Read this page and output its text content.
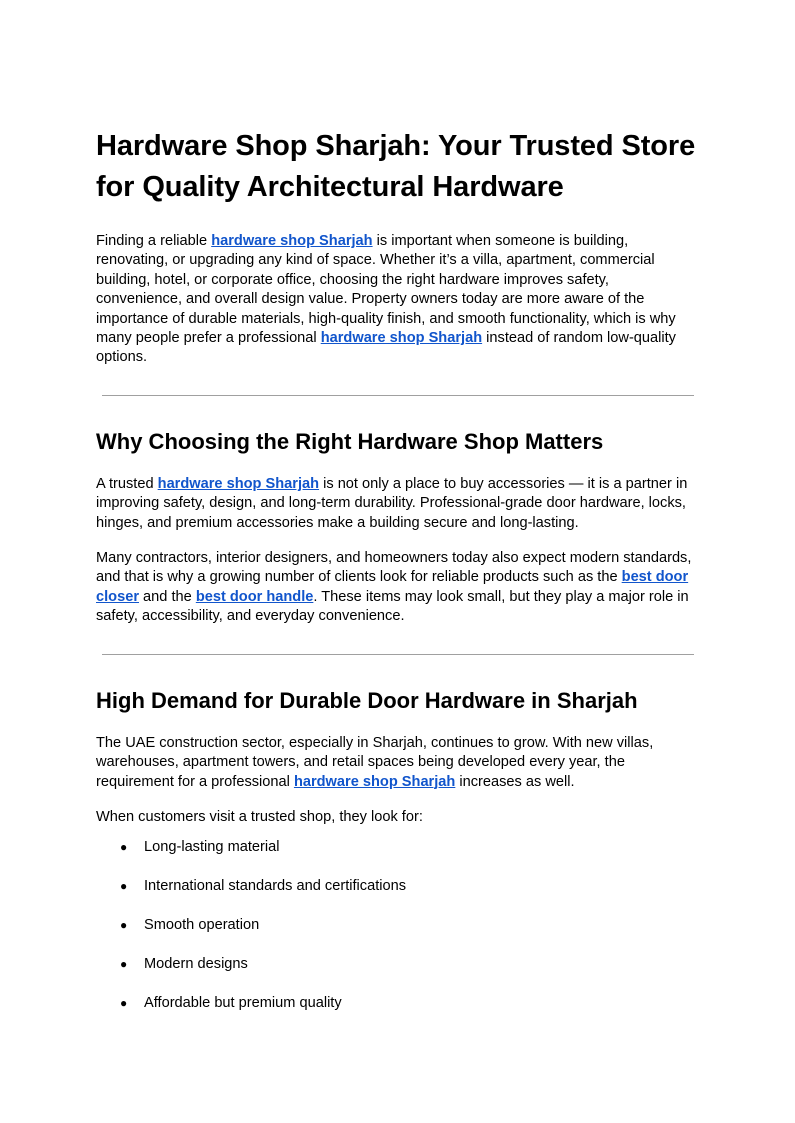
Hardware Shop Sharjah: Your Trusted Store for Quality Architectural Hardware

Finding a reliable hardware shop Sharjah is important when someone is building, renovating, or upgrading any kind of space. Whether it’s a villa, apartment, commercial building, hotel, or corporate office, choosing the right hardware improves safety, convenience, and overall design value. Property owners today are more aware of the importance of durable materials, high-quality finish, and smooth functionality, which is why many people prefer a professional hardware shop Sharjah instead of random low-quality options.

Why Choosing the Right Hardware Shop Matters

A trusted hardware shop Sharjah is not only a place to buy accessories — it is a partner in improving safety, design, and long-term durability. Professional-grade door hardware, locks, hinges, and premium accessories make a building secure and long-lasting.

Many contractors, interior designers, and homeowners today also expect modern standards, and that is why a growing number of clients look for reliable products such as the best door closer and the best door handle. These items may look small, but they play a major role in safety, accessibility, and everyday convenience.

High Demand for Durable Door Hardware in Sharjah

The UAE construction sector, especially in Sharjah, continues to grow. With new villas, warehouses, apartment towers, and retail spaces being developed every year, the requirement for a professional hardware shop Sharjah increases as well.

When customers visit a trusted shop, they look for:

● Long-lasting material
● International standards and certifications
● Smooth operation
● Modern designs
● Affordable but premium quality
